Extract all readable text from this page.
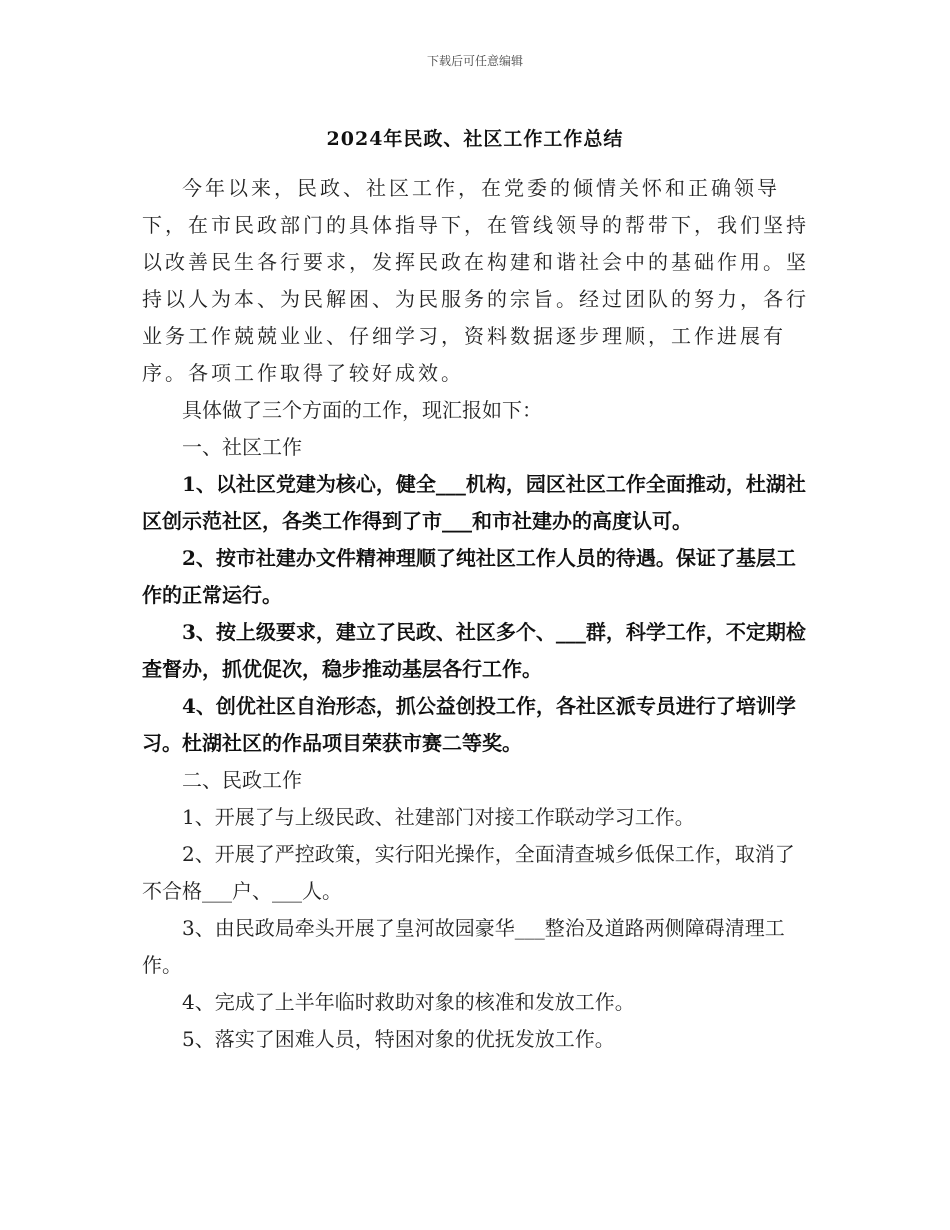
下载后可任意编辑
2024年民政、社区工作工作总结

今年以来，民政、社区工作，在党委的倾情关怀和正确领导下，在市民政部门的具体指导下，在管线领导的帮带下，我们坚持以改善民生各行要求，发挥民政在构建和谐社会中的基础作用。坚持以人为本、为民解困、为民服务的宗旨。经过团队的努力，各行业务工作兢兢业业、仔细学习，资料数据逐步理顺，工作进展有序。各项工作取得了较好成效。

具体做了三个方面的工作，现汇报如下：

一、社区工作

1、以社区党建为核心，健全___机构，园区社区工作全面推动，杜湖社区创示范社区，各类工作得到了市___和市社建办的高度认可。

2、按市社建办文件精神理顺了纯社区工作人员的待遇。保证了基层工作的正常运行。

3、按上级要求，建立了民政、社区多个、___群，科学工作，不定期检查督办，抓优促次，稳步推动基层各行工作。

4、创优社区自治形态，抓公益创投工作，各社区派专员进行了培训学习。杜湖社区的作品项目荣获市赛二等奖。

二、民政工作

1、开展了与上级民政、社建部门对接工作联动学习工作。

2、开展了严控政策，实行阳光操作，全面清查城乡低保工作，取消了不合格___户、___人。

3、由民政局牵头开展了皇河故园豪华___整治及道路两侧障碍清理工作。

4、完成了上半年临时救助对象的核准和发放工作。

5、落实了困难人员，特困对象的优抚发放工作。
